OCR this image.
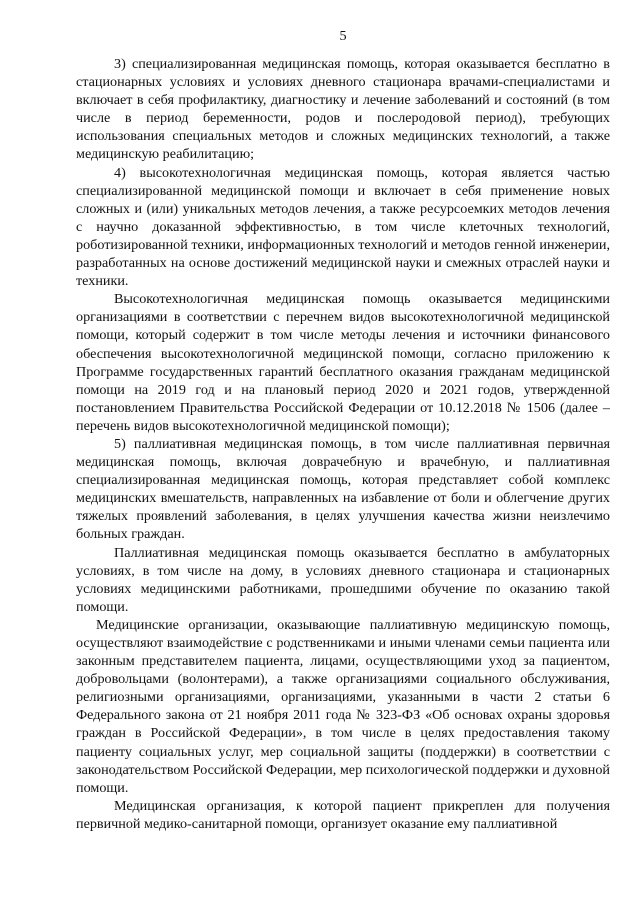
5

3) специализированная медицинская помощь, которая оказывается бесплатно в стационарных условиях и условиях дневного стационара врачами-специалистами и включает в себя профилактику, диагностику и лечение заболеваний и состояний (в том числе в период беременности, родов и послеродовой период), требующих использования специальных методов и сложных медицинских технологий, а также медицинскую реабилитацию;

4) высокотехнологичная медицинская помощь, которая является частью специализированной медицинской помощи и включает в себя применение новых сложных и (или) уникальных методов лечения, а также ресурсоемких методов лечения с научно доказанной эффективностью, в том числе клеточных технологий, роботизированной техники, информационных технологий и методов генной инженерии, разработанных на основе достижений медицинской науки и смежных отраслей науки и техники.

Высокотехнологичная медицинская помощь оказывается медицинскими организациями в соответствии с перечнем видов высокотехнологичной медицинской помощи, который содержит в том числе методы лечения и источники финансового обеспечения высокотехнологичной медицинской помощи, согласно приложению к Программе государственных гарантий бесплатного оказания гражданам медицинской помощи на 2019 год и на плановый период 2020 и 2021 годов, утвержденной постановлением Правительства Российской Федерации от 10.12.2018 № 1506 (далее – перечень видов высокотехнологичной медицинской помощи);

5) паллиативная медицинская помощь, в том числе паллиативная первичная медицинская помощь, включая доврачебную и врачебную, и паллиативная специализированная медицинская помощь, которая представляет собой комплекс медицинских вмешательств, направленных на избавление от боли и облегчение других тяжелых проявлений заболевания, в целях улучшения качества жизни неизлечимо больных граждан.

Паллиативная медицинская помощь оказывается бесплатно в амбулаторных условиях, в том числе на дому, в условиях дневного стационара и стационарных условиях медицинскими работниками, прошедшими обучение по оказанию такой помощи.

Медицинские организации, оказывающие паллиативную медицинскую помощь, осуществляют взаимодействие с родственниками и иными членами семьи пациента или законным представителем пациента, лицами, осуществляющими уход за пациентом, добровольцами (волонтерами), а также организациями социального обслуживания, религиозными организациями, организациями, указанными в части 2 статьи 6 Федерального закона от 21 ноября 2011 года № 323-ФЗ «Об основах охраны здоровья граждан в Российской Федерации», в том числе в целях предоставления такому пациенту социальных услуг, мер социальной защиты (поддержки) в соответствии с законодательством Российской Федерации, мер психологической поддержки и духовной помощи.

Медицинская организация, к которой пациент прикреплен для получения первичной медико-санитарной помощи, организует оказание ему паллиативной
